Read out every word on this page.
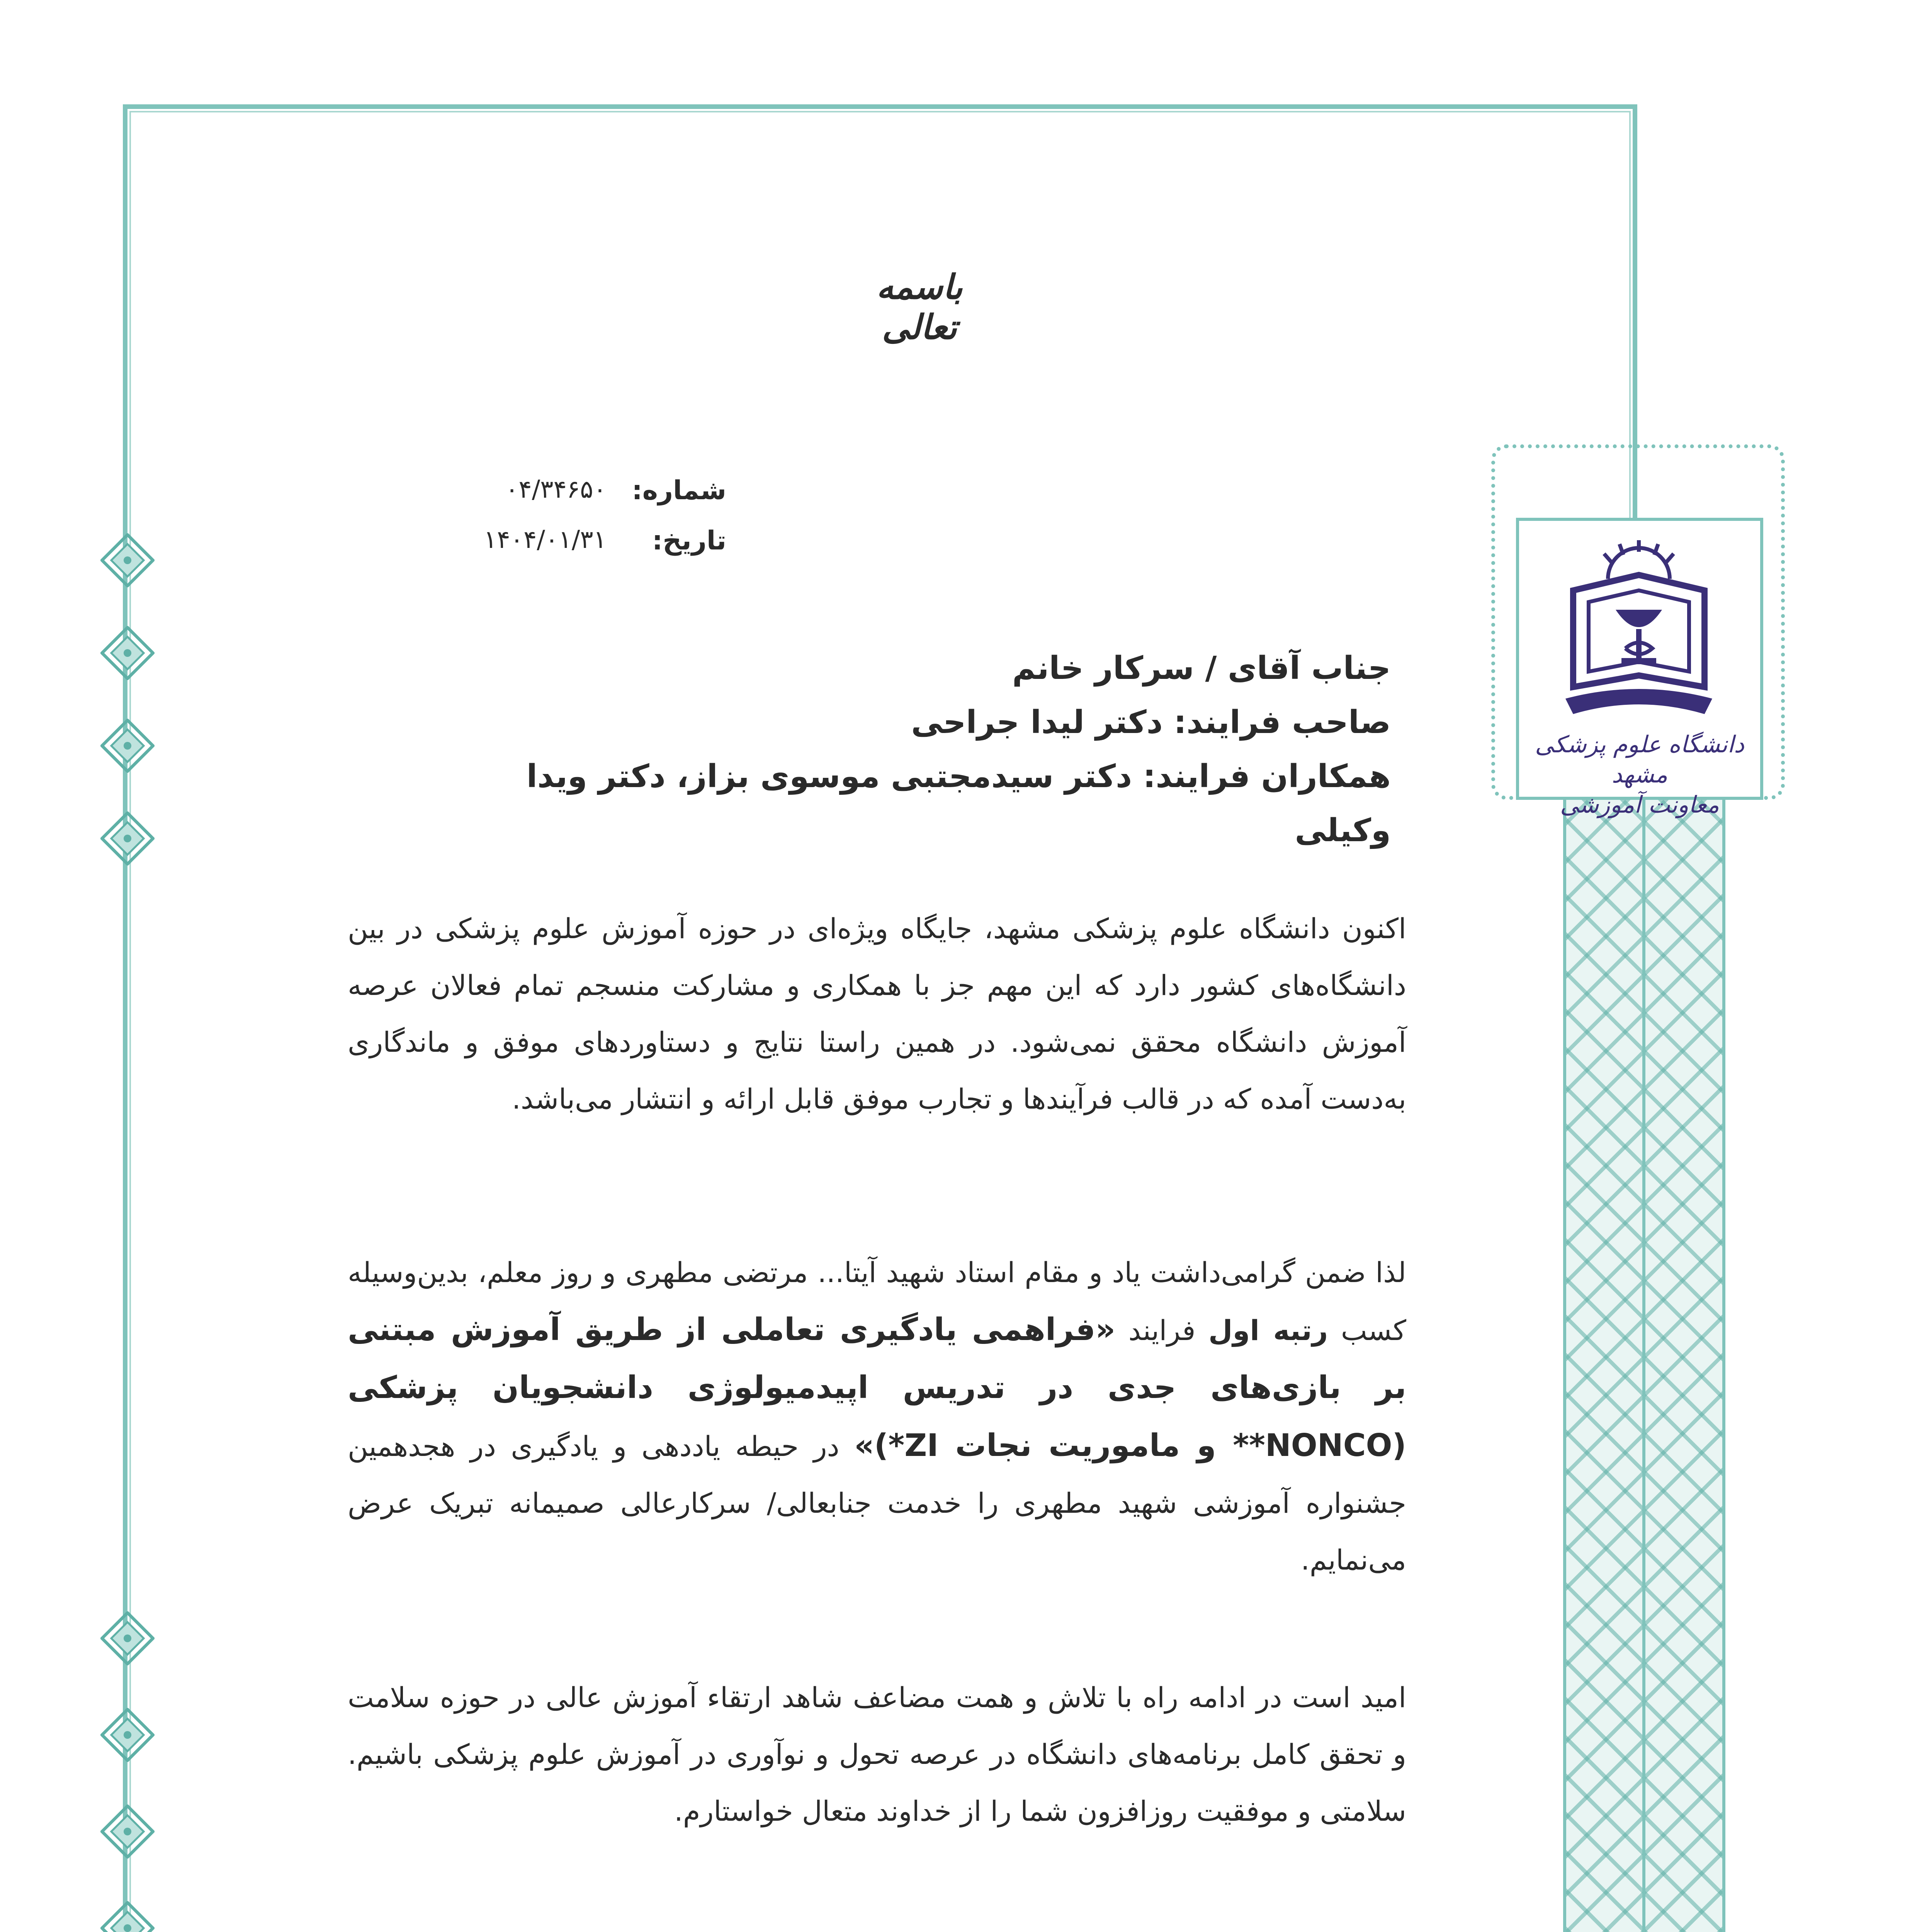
دانشگاه علوم پزشکی مشهد
معاونت آموزشی
باسمه تعالی
شماره:
۰۴/۳۴۶۵۰
تاریخ:
۱۴۰۴/۰۱/۳۱
جناب آقای / سرکار خانم
صاحب فرایند: دکتر لیدا جراحی
همکاران فرایند: دکتر سیدمجتبی موسوی بزاز، دکتر ویدا وکیلی
اکنون دانشگاه علوم پزشکی مشهد، جایگاه ویژه‌ای در حوزه آموزش علوم پزشکی در بین دانشگاه‌های کشور دارد که این مهم جز با همکاری و مشارکت منسجم تمام فعالان عرصه آموزش دانشگاه محقق نمی‌شود. در همین راستا نتایج و دستاوردهای موفق و ماندگاری به‌دست آمده که در قالب فرآیندها و تجارب موفق قابل ارائه و انتشار می‌باشد.
لذا ضمن گرامی‌داشت یاد و مقام استاد شهید آیتا... مرتضی مطهری و روز معلم، بدین‌وسیله کسب رتبه اول فرایند «فراهمی یادگیری تعاملی از طریق آموزش مبتنی بر بازی‌های جدی در تدریس اپیدمیولوژی دانشجویان پزشکی (NONCO** و ماموریت نجات ZI*)» در حیطه یاددهی و یادگیری در هجدهمین جشنواره آموزشی شهید مطهری را خدمت جنابعالی/ سرکارعالی صمیمانه تبریک عرض می‌نمایم.
امید است در ادامه راه با تلاش و همت مضاعف شاهد ارتقاء آموزش عالی در حوزه سلامت و تحقق کامل برنامه‌های دانشگاه در عرصه تحول و نوآوری در آموزش علوم پزشکی باشیم. سلامتی و موفقیت روزافزون شما را از خداوند متعال خواستارم.
